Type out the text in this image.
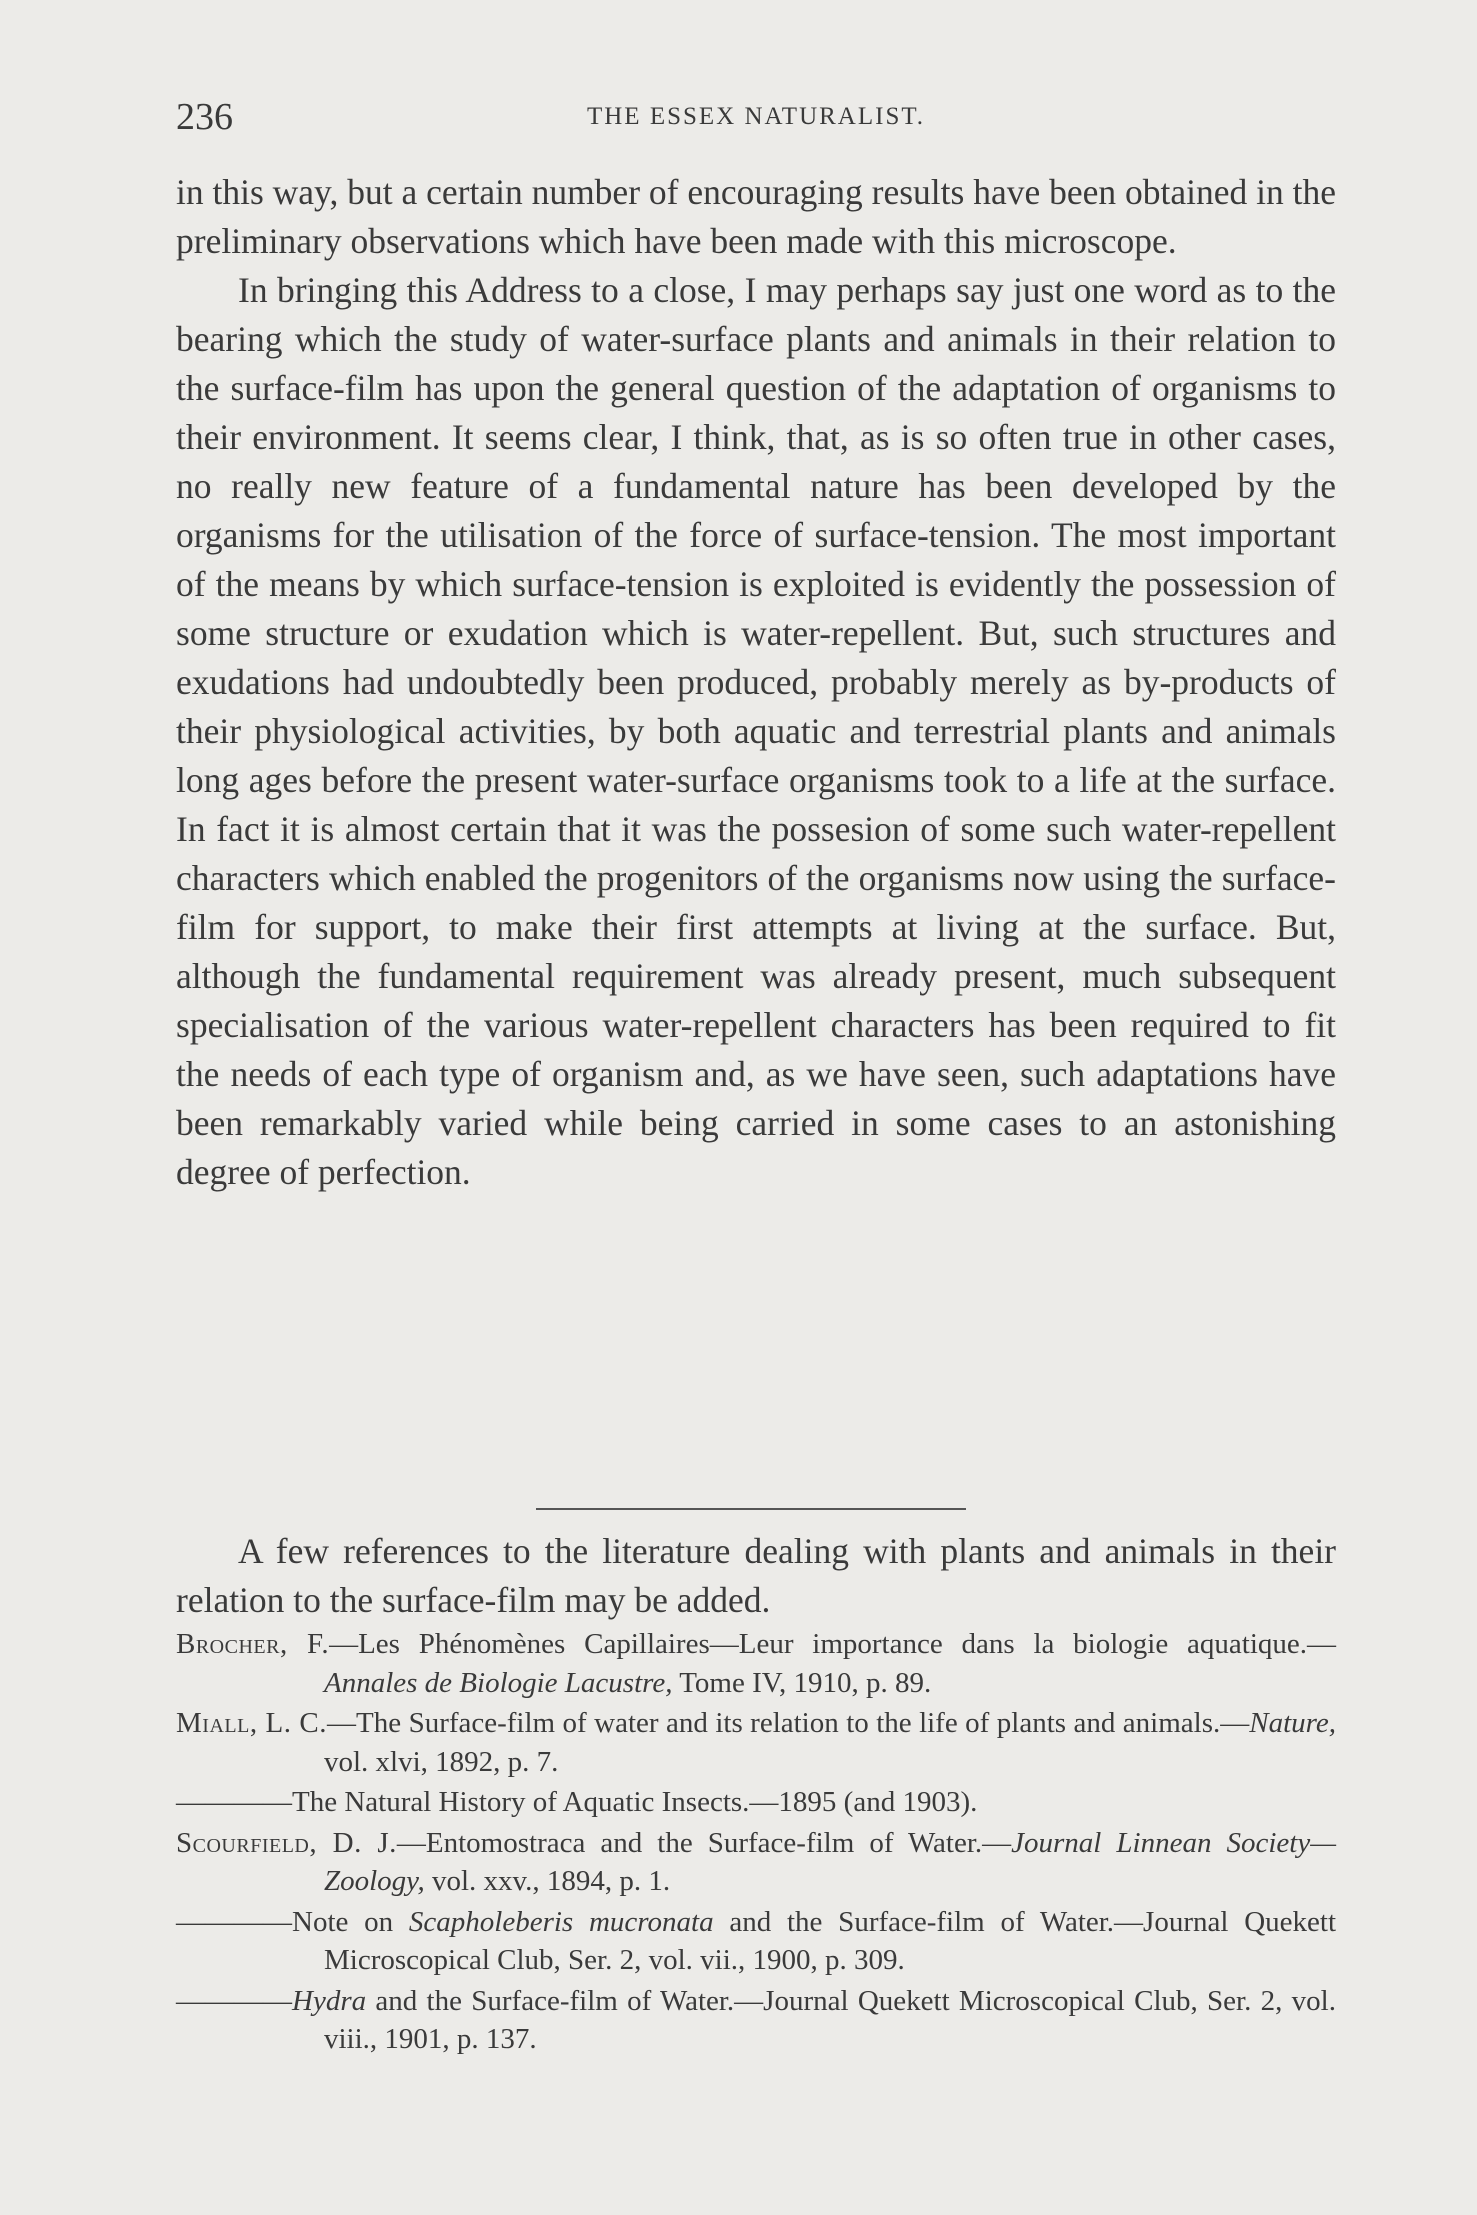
236	THE ESSEX NATURALIST.

in this way, but a certain number of encouraging results have been obtained in the preliminary observations which have been made with this microscope.

In bringing this Address to a close, I may perhaps say just one word as to the bearing which the study of water-surface plants and animals in their relation to the surface-film has upon the general question of the adaptation of organisms to their environment. It seems clear, I think, that, as is so often true in other cases, no really new feature of a fundamental nature has been developed by the organisms for the utilisation of the force of surface-tension. The most important of the means by which surface-tension is exploited is evidently the possession of some structure or exudation which is water-repellent. But, such structures and exudations had undoubtedly been produced, probably merely as by-products of their physiological activities, by both aquatic and terrestrial plants and animals long ages before the present water-surface organisms took to a life at the surface. In fact it is almost certain that it was the possesion of some such water-repellent characters which enabled the progenitors of the organisms now using the surface-film for support, to make their first attempts at living at the surface. But, although the fundamental requirement was already present, much subsequent specialisation of the various water-repellent characters has been required to fit the needs of each type of organism and, as we have seen, such adaptations have been remarkably varied while being carried in some cases to an astonishing degree of perfection.

A few references to the literature dealing with plants and animals in their relation to the surface-film may be added.

Brocher, F.—Les Phénomènes Capillaires—Leur importance dans la biologie aquatique.—Annales de Biologie Lacustre, Tome IV, 1910, p. 89.
Miall, L. C.—The Surface-film of water and its relation to the life of plants and animals.—Nature, vol. xlvi, 1892, p. 7.
————The Natural History of Aquatic Insects.—1895 (and 1903).
Scourfield, D. J.—Entomostraca and the Surface-film of Water.—Journal Linnean Society—Zoology, vol. xxv., 1894, p. 1.
————Note on Scapholeberis mucronata and the Surface-film of Water.—Journal Quekett Microscopical Club, Ser. 2, vol. vii., 1900, p. 309.
————Hydra and the Surface-film of Water.—Journal Quekett Microscopical Club, Ser. 2, vol. viii., 1901, p. 137.
